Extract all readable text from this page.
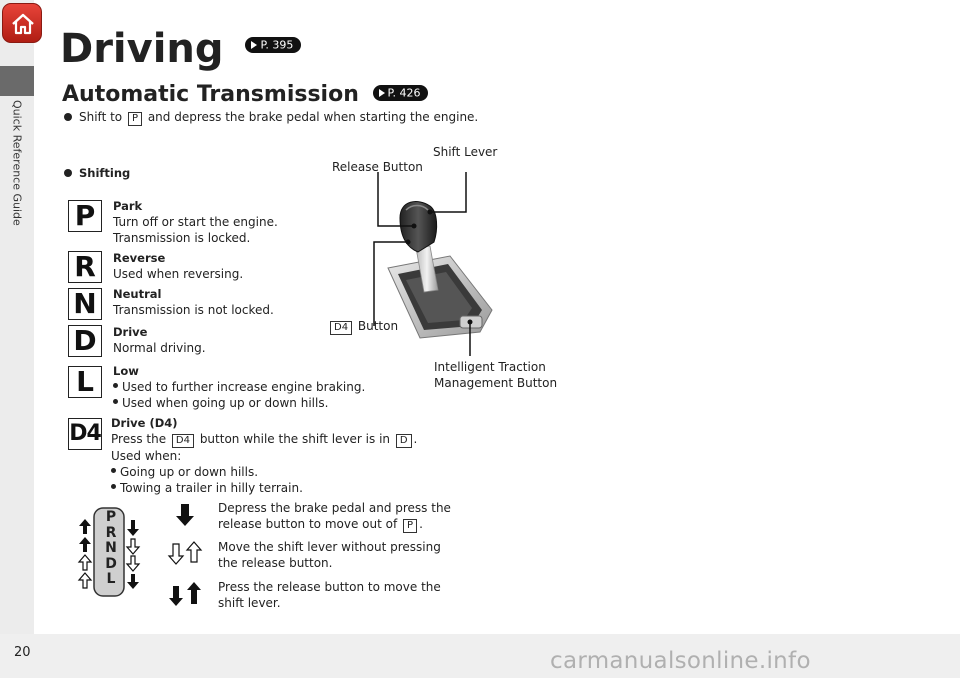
Quick Reference Guide
Driving	P. 395
Automatic Transmission	P. 426
Shift to P and depress the brake pedal when starting the engine.
Shifting
P	Park
Turn off or start the engine.
Transmission is locked.
R	Reverse
Used when reversing.
N	Neutral
Transmission is not locked.
D	Drive
Normal driving.
L	Low
Used to further increase engine braking.
Used when going up or down hills.
D4 Drive (D4)
Press the D4 button while the shift lever is in D .
Used when:
Going up or down hills.
Towing a trailer in hilly terrain.
Shift Lever
Release Button
D4 Button
Intelligent Traction
Management Button
P
R
N
D
L
Depress the brake pedal and press the
release button to move out of P .
Move the shift lever without pressing
the release button.
Press the release button to move the
shift lever.
20	carmanualsonline.info
